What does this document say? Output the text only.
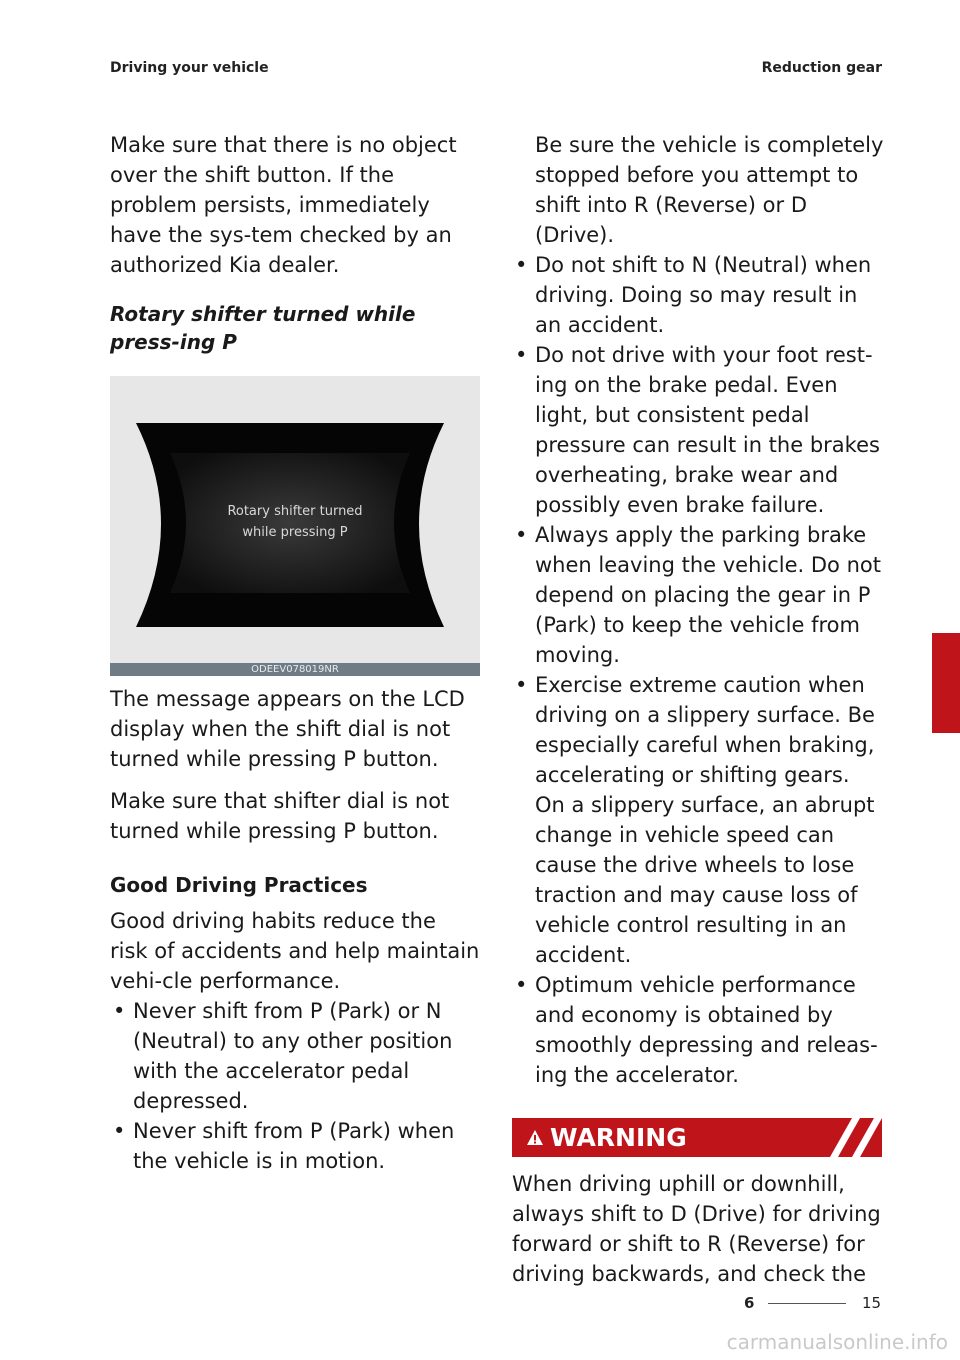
Driving your vehicle	Reduction gear

Make sure that there is no object over the shift button. If the problem persists, immediately have the sys-tem checked by an authorized Kia dealer.

Rotary shifter turned while press-ing P
Rotary shifter turned
while pressing P
ODEEV078019NR

The message appears on the LCD display when the shift dial is not turned while pressing P button.

Make sure that shifter dial is not turned while pressing P button.

Good Driving Practices

Good driving habits reduce the risk of accidents and help maintain vehi-cle performance.

• Never shift from P (Park) or N (Neutral) to any other position with the accelerator pedal depressed.
• Never shift from P (Park) when the vehicle is in motion.

Be sure the vehicle is completely stopped before you attempt to shift into R (Reverse) or D (Drive).

• Do not shift to N (Neutral) when driving. Doing so may result in an accident.
• Do not drive with your foot rest-ing on the brake pedal. Even light, but consistent pedal pressure can result in the brakes overheating, brake wear and possibly even brake failure.
• Always apply the parking brake when leaving the vehicle. Do not depend on placing the gear in P (Park) to keep the vehicle from moving.
• Exercise extreme caution when driving on a slippery surface. Be especially careful when braking, accelerating or shifting gears. On a slippery surface, an abrupt change in vehicle speed can cause the drive wheels to lose traction and may cause loss of vehicle control resulting in an accident.
• Optimum vehicle performance and economy is obtained by smoothly depressing and releas-ing the accelerator.
WARNING

When driving uphill or downhill, always shift to D (Drive) for driving forward or shift to R (Reverse) for driving backwards, and check the

6
6	15
carmanualsonline.info
